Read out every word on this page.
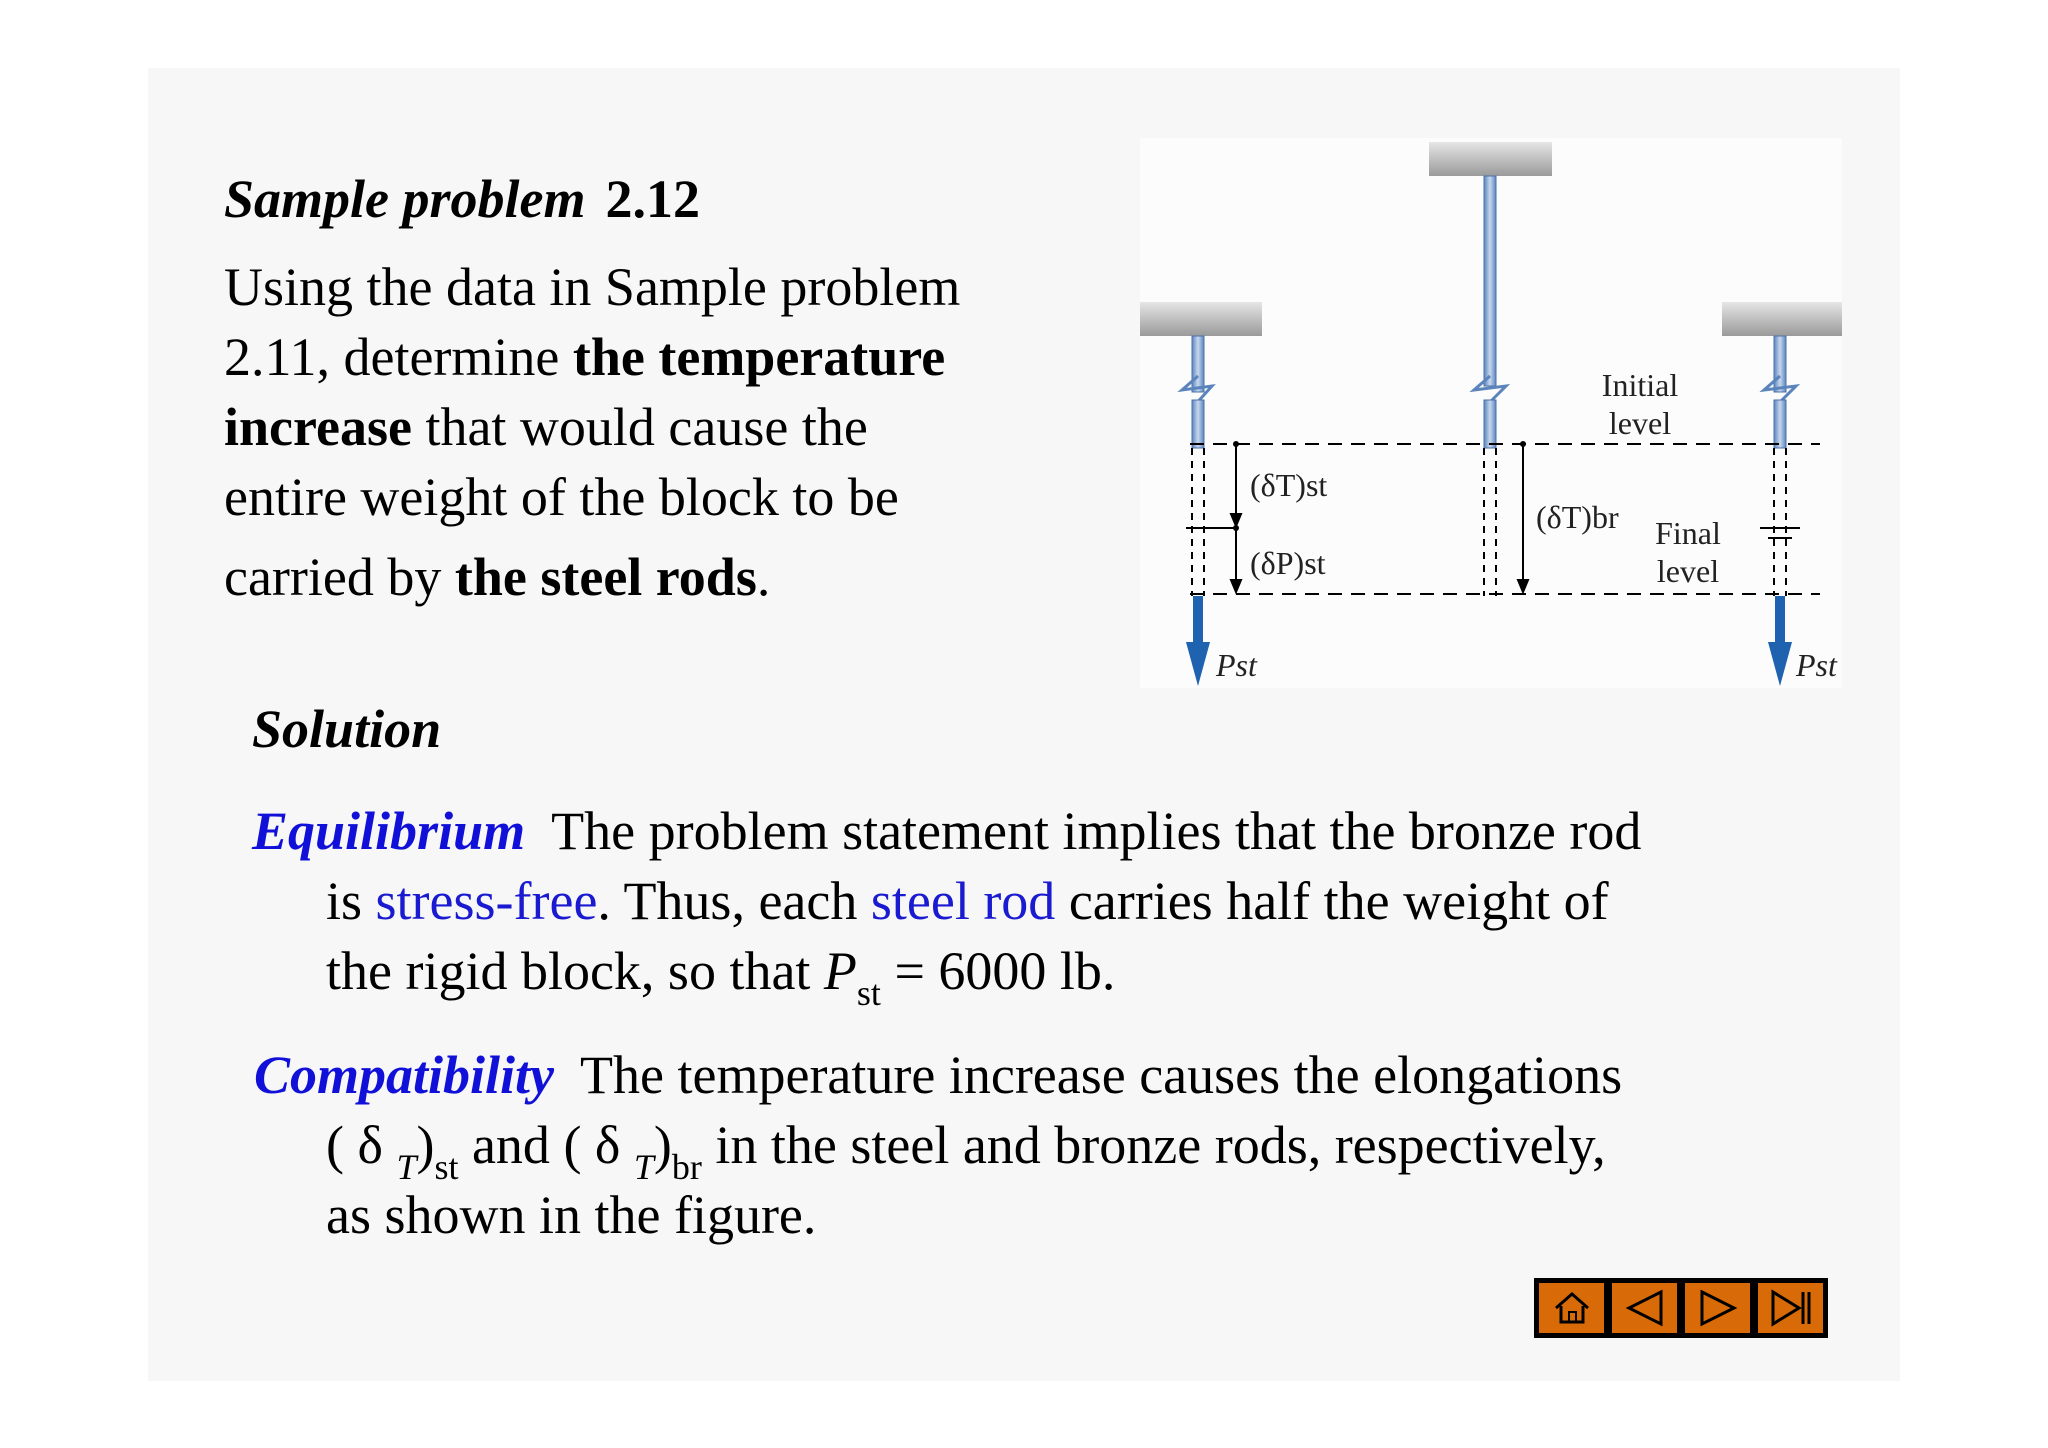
Sample problem 2.12
Using the data in Sample problem
2.11, determine the temperature
increase that would cause the
entire weight of the block to be
carried by the steel rods.
Initial
level
Final
level
(δT)st
(δP)st
(δT)br
Pst	Pst
Solution
Equilibrium The problem statement implies that the bronze rod
is stress-free. Thus, each steel rod carries half the weight of
the rigid block, so that $P_{st} = 6000$ lb.
Compatibility The temperature increase causes the elongations
( δ $_T)_{st}$ and ( δ $_T)_{br}$ in the steel and bronze rods, respectively,
as shown in the figure.
